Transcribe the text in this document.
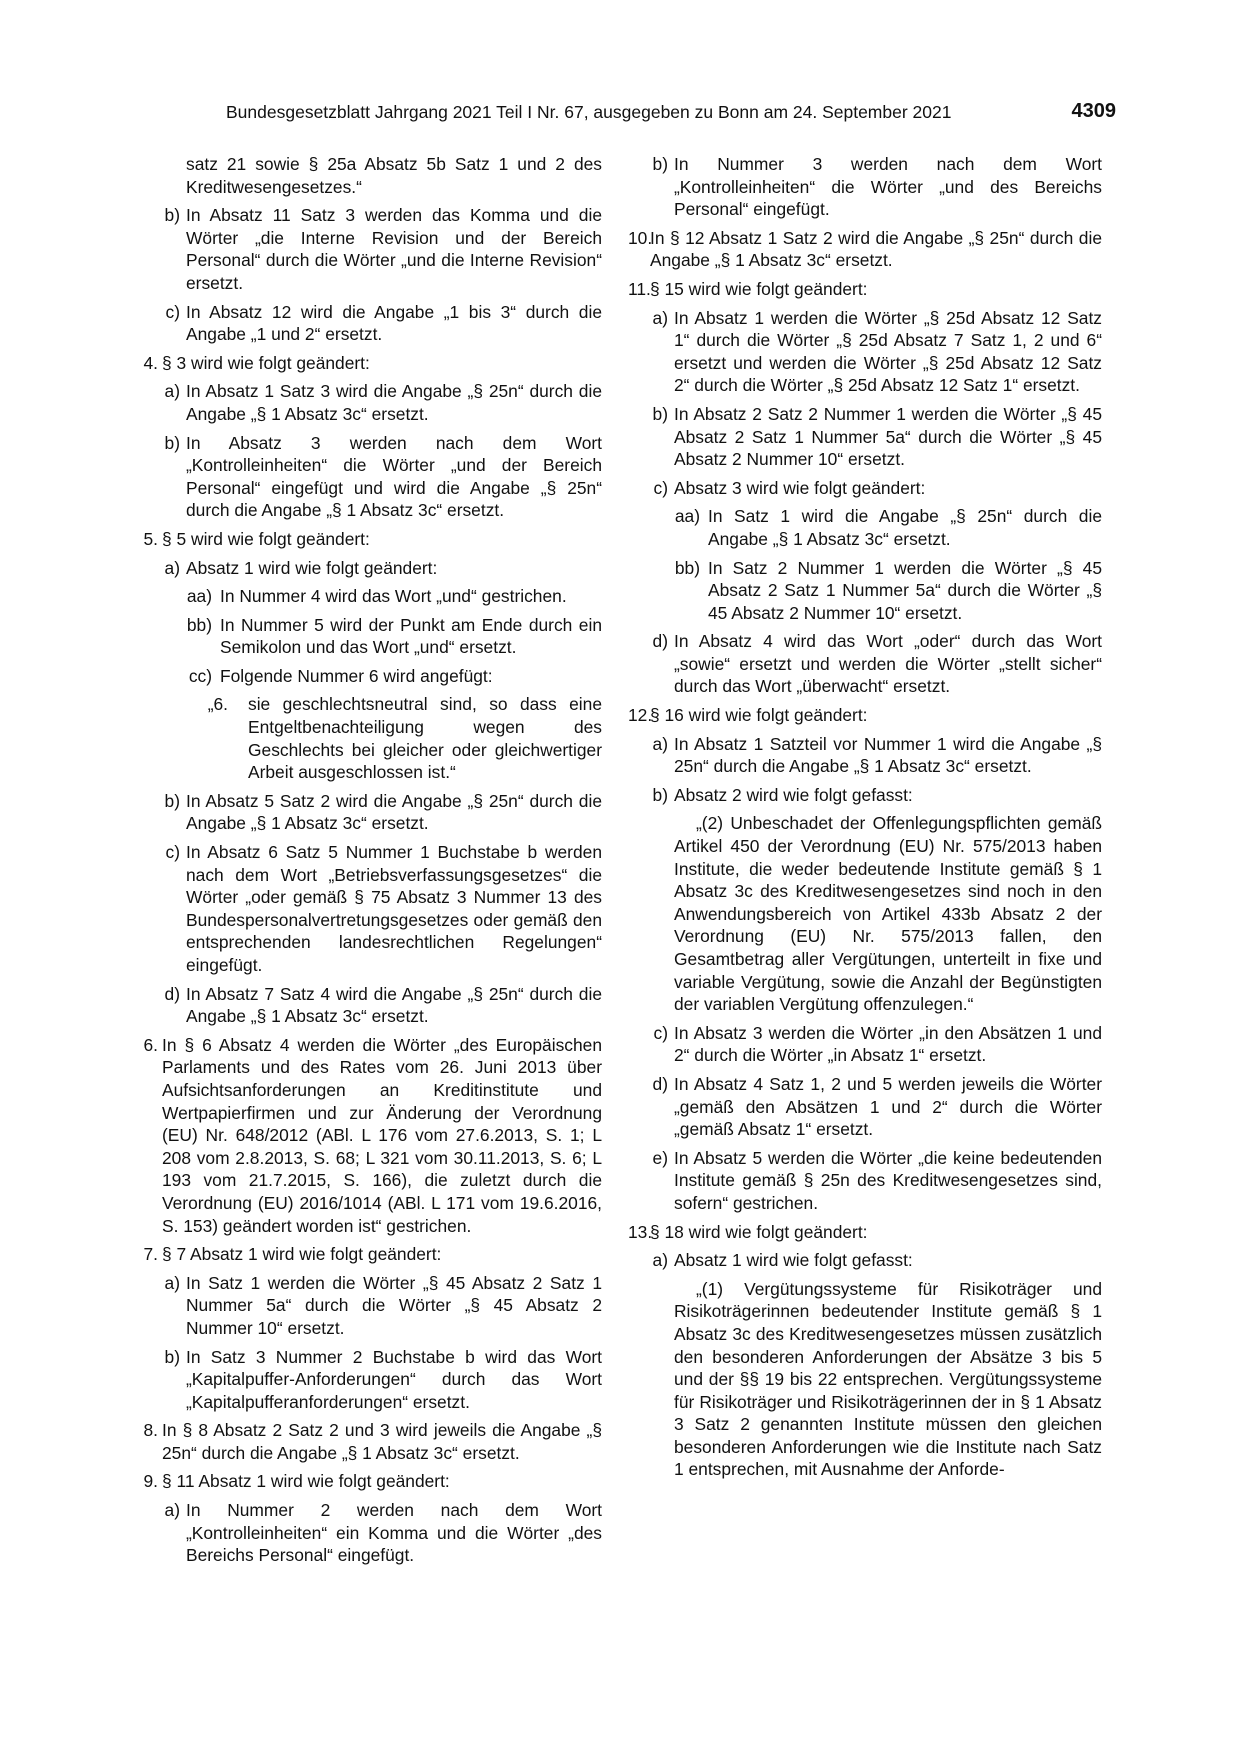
Bundesgesetzblatt Jahrgang 2021 Teil I Nr. 67, ausgegeben zu Bonn am 24. September 2021	4309
satz 21 sowie § 25a Absatz 5b Satz 1 und 2 des Kreditwesengesetzes.“
b) In Absatz 11 Satz 3 werden das Komma und die Wörter „die Interne Revision und der Bereich Personal“ durch die Wörter „und die Interne Revision“ ersetzt.
c) In Absatz 12 wird die Angabe „1 bis 3“ durch die Angabe „1 und 2“ ersetzt.
4. § 3 wird wie folgt geändert:
a) In Absatz 1 Satz 3 wird die Angabe „§ 25n“ durch die Angabe „§ 1 Absatz 3c“ ersetzt.
b) In Absatz 3 werden nach dem Wort „Kontrolleinheiten“ die Wörter „und der Bereich Personal“ eingefügt und wird die Angabe „§ 25n“ durch die Angabe „§ 1 Absatz 3c“ ersetzt.
5. § 5 wird wie folgt geändert:
a) Absatz 1 wird wie folgt geändert:
aa) In Nummer 4 wird das Wort „und“ gestrichen.
bb) In Nummer 5 wird der Punkt am Ende durch ein Semikolon und das Wort „und“ ersetzt.
cc) Folgende Nummer 6 wird angefügt:
„6. sie geschlechtsneutral sind, so dass eine Entgeltbenachteiligung wegen des Geschlechts bei gleicher oder gleichwertiger Arbeit ausgeschlossen ist.“
b) In Absatz 5 Satz 2 wird die Angabe „§ 25n“ durch die Angabe „§ 1 Absatz 3c“ ersetzt.
c) In Absatz 6 Satz 5 Nummer 1 Buchstabe b werden nach dem Wort „Betriebsverfassungsgesetzes“ die Wörter „oder gemäß § 75 Absatz 3 Nummer 13 des Bundespersonalvertretungsgesetzes oder gemäß den entsprechenden landesrechtlichen Regelungen“ eingefügt.
d) In Absatz 7 Satz 4 wird die Angabe „§ 25n“ durch die Angabe „§ 1 Absatz 3c“ ersetzt.
6. In § 6 Absatz 4 werden die Wörter „des Europäischen Parlaments und des Rates vom 26. Juni 2013 über Aufsichtsanforderungen an Kreditinstitute und Wertpapierfirmen und zur Änderung der Verordnung (EU) Nr. 648/2012 (ABl. L 176 vom 27.6.2013, S. 1; L 208 vom 2.8.2013, S. 68; L 321 vom 30.11.2013, S. 6; L 193 vom 21.7.2015, S. 166), die zuletzt durch die Verordnung (EU) 2016/1014 (ABl. L 171 vom 19.6.2016, S. 153) geändert worden ist“ gestrichen.
7. § 7 Absatz 1 wird wie folgt geändert:
a) In Satz 1 werden die Wörter „§ 45 Absatz 2 Satz 1 Nummer 5a“ durch die Wörter „§ 45 Absatz 2 Nummer 10“ ersetzt.
b) In Satz 3 Nummer 2 Buchstabe b wird das Wort „Kapitalpuffer-Anforderungen“ durch das Wort „Kapitalpufferanforderungen“ ersetzt.
8. In § 8 Absatz 2 Satz 2 und 3 wird jeweils die Angabe „§ 25n“ durch die Angabe „§ 1 Absatz 3c“ ersetzt.
9. § 11 Absatz 1 wird wie folgt geändert:
a) In Nummer 2 werden nach dem Wort „Kontrolleinheiten“ ein Komma und die Wörter „des Bereichs Personal“ eingefügt.
b) In Nummer 3 werden nach dem Wort „Kontrolleinheiten“ die Wörter „und des Bereichs Personal“ eingefügt.
10.
In § 12 Absatz 1 Satz 2 wird die Angabe „§ 25n“ durch die Angabe „§ 1 Absatz 3c“ ersetzt.
11. § 15 wird wie folgt geändert:
a) In Absatz 1 werden die Wörter „§ 25d Absatz 12 Satz 1“ durch die Wörter „§ 25d Absatz 7 Satz 1, 2 und 6“ ersetzt und werden die Wörter „§ 25d Absatz 12 Satz 2“ durch die Wörter „§ 25d Absatz 12 Satz 1“ ersetzt.
b) In Absatz 2 Satz 2 Nummer 1 werden die Wörter „§ 45 Absatz 2 Satz 1 Nummer 5a“ durch die Wörter „§ 45 Absatz 2 Nummer 10“ ersetzt.
c) Absatz 3 wird wie folgt geändert:
aa) In Satz 1 wird die Angabe „§ 25n“ durch die Angabe „§ 1 Absatz 3c“ ersetzt.
bb) In Satz 2 Nummer 1 werden die Wörter „§ 45 Absatz 2 Satz 1 Nummer 5a“ durch die Wörter „§ 45 Absatz 2 Nummer 10“ ersetzt.
d) In Absatz 4 wird das Wort „oder“ durch das Wort „sowie“ ersetzt und werden die Wörter „stellt sicher“ durch das Wort „überwacht“ ersetzt.
12.
§ 16 wird wie folgt geändert:
a) In Absatz 1 Satzteil vor Nummer 1 wird die Angabe „§ 25n“ durch die Angabe „§ 1 Absatz 3c“ ersetzt.
b) Absatz 2 wird wie folgt gefasst:
„(2) Unbeschadet der Offenlegungspflichten gemäß Artikel 450 der Verordnung (EU) Nr. 575/2013 haben Institute, die weder bedeutende Institute gemäß § 1 Absatz 3c des Kreditwesengesetzes sind noch in den Anwendungsbereich von Artikel 433b Absatz 2 der Verordnung (EU) Nr. 575/2013 fallen, den Gesamtbetrag aller Vergütungen, unterteilt in fixe und variable Vergütung, sowie die Anzahl der Begünstigten der variablen Vergütung offenzulegen.“
c) In Absatz 3 werden die Wörter „in den Absätzen 1 und 2“ durch die Wörter „in Absatz 1“ ersetzt.
d) In Absatz 4 Satz 1, 2 und 5 werden jeweils die Wörter „gemäß den Absätzen 1 und 2“ durch die Wörter „gemäß Absatz 1“ ersetzt.
e) In Absatz 5 werden die Wörter „die keine bedeutenden Institute gemäß § 25n des Kreditwesengesetzes sind, sofern“ gestrichen.
13.
§ 18 wird wie folgt geändert:
a) Absatz 1 wird wie folgt gefasst:
„(1) Vergütungssysteme für Risikoträger und Risikoträgerinnen bedeutender Institute gemäß § 1 Absatz 3c des Kreditwesengesetzes müssen zusätzlich den besonderen Anforderungen der Absätze 3 bis 5 und der §§ 19 bis 22 entsprechen. Vergütungssysteme für Risikoträger und Risikoträgerinnen der in § 1 Absatz 3 Satz 2 genannten Institute müssen den gleichen besonderen Anforderungen wie die Institute nach Satz 1 entsprechen, mit Ausnahme der Anforde-
